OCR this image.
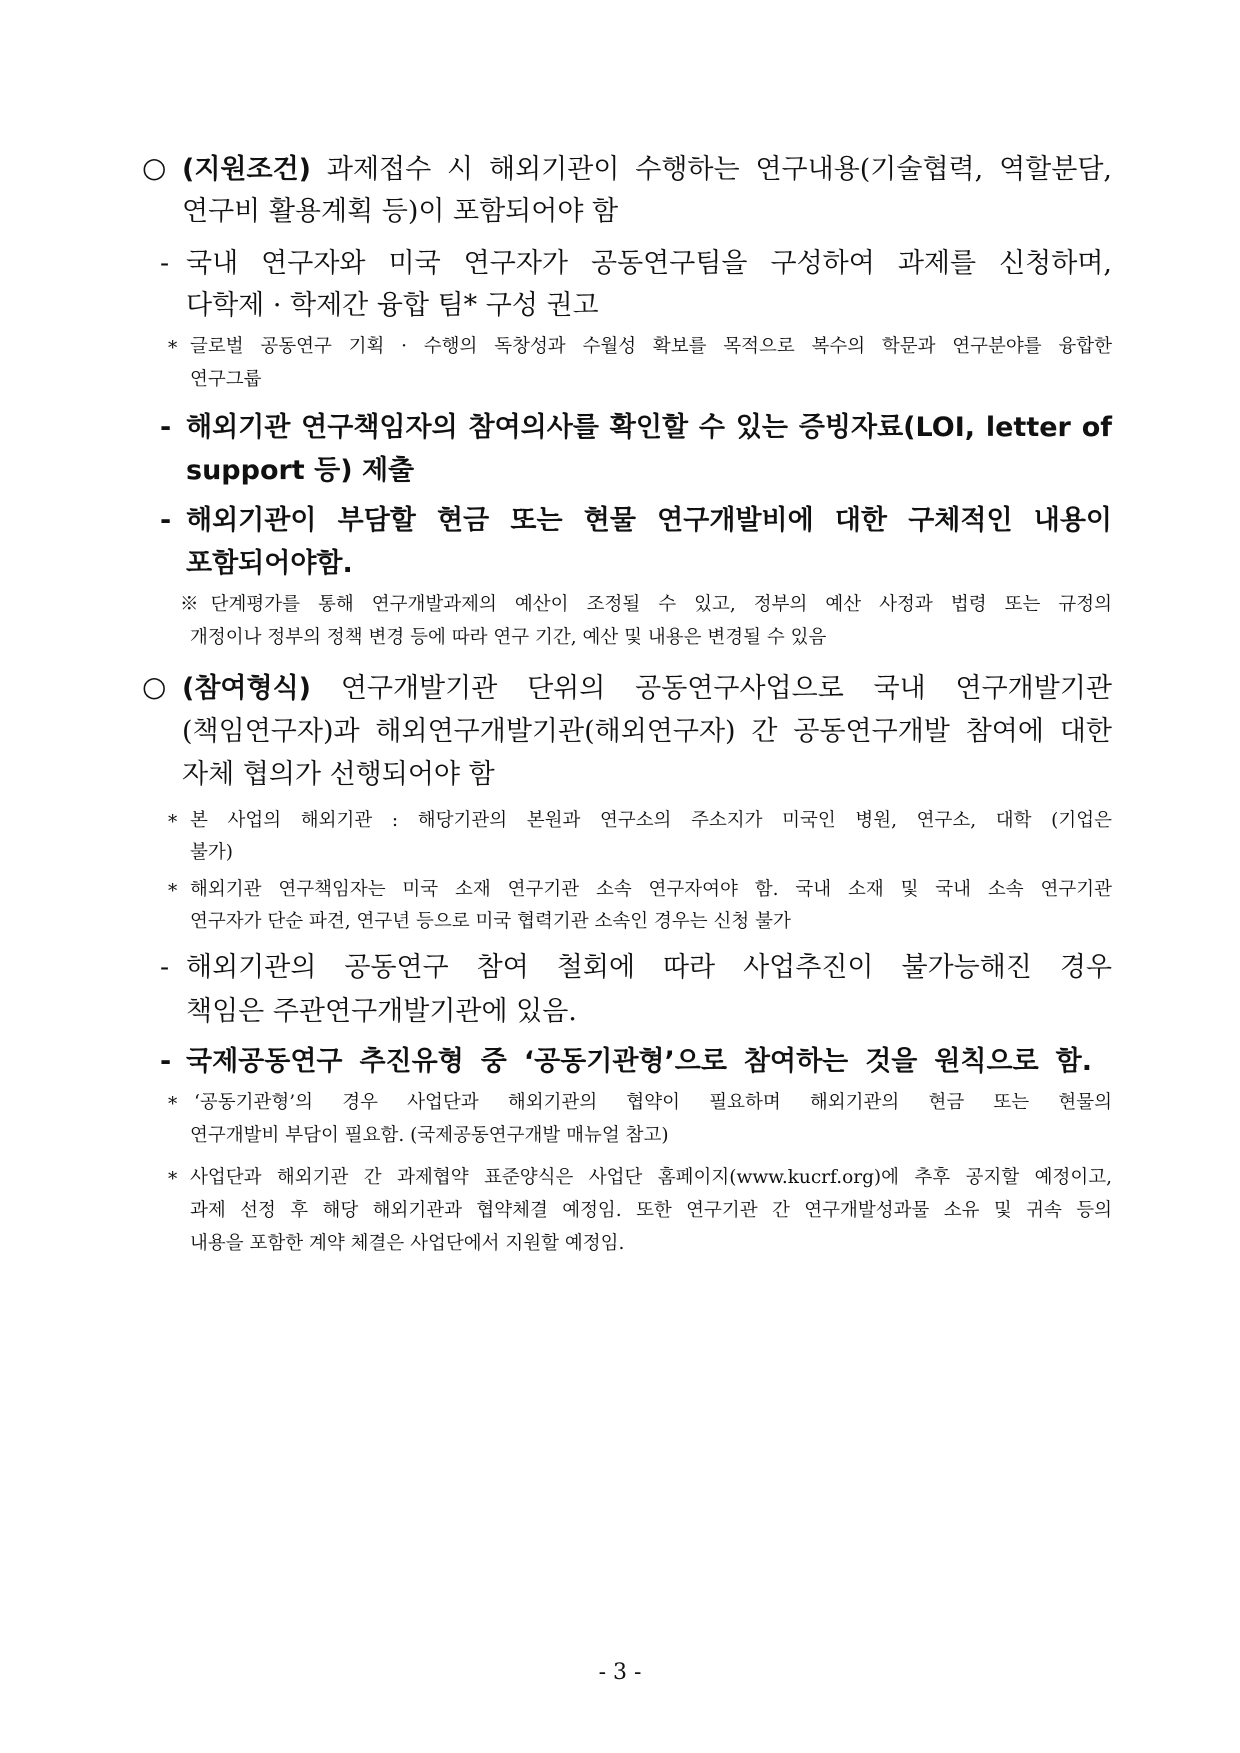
○ (지원조건) 과제접수 시 해외기관이 수행하는 연구내용(기술협력, 역할분담,
연구비 활용계획 등)이 포함되어야 함
- 국내 연구자와 미국 연구자가 공동연구팀을 구성하여 과제를 신청하며,
다학제 · 학제간 융합 팀* 구성 권고
* 글로벌 공동연구 기획 · 수행의 독창성과 수월성 확보를 목적으로 복수의 학문과 연구분야를 융합한
연구그룹
- 해외기관 연구책임자의 참여의사를 확인할 수 있는 증빙자료(LOI, letter of
support 등) 제출
- 해외기관이 부담할 현금 또는 현물 연구개발비에 대한 구체적인 내용이
포함되어야함.
※단계평가를 통해 연구개발과제의 예산이 조정될 수 있고, 정부의 예산 사정과 법령 또는 규정의
개정이나 정부의 정책 변경 등에 따라 연구 기간, 예산 및 내용은 변경될 수 있음
○ (참여형식) 연구개발기관 단위의 공동연구사업으로 국내 연구개발기관
(책임연구자)과 해외연구개발기관(해외연구자) 간 공동연구개발 참여에 대한
자체 협의가 선행되어야 함
* 본 사업의 해외기관 : 해당기관의 본원과 연구소의 주소지가 미국인 병원, 연구소, 대학 (기업은
불가)
* 해외기관 연구책임자는 미국 소재 연구기관 소속 연구자여야 함. 국내 소재 및 국내 소속 연구기관
연구자가 단순 파견, 연구년 등으로 미국 협력기관 소속인 경우는 신청 불가
- 해외기관의 공동연구 참여 철회에 따라 사업추진이 불가능해진 경우
책임은 주관연구개발기관에 있음.
- 국제공동연구 추진유형 중 ‘공동기관형’으로 참여하는 것을 원칙으로 함.
* ‘공동기관형’의 경우 사업단과 해외기관의 협약이 필요하며 해외기관의 현금 또는 현물의
연구개발비 부담이 필요함. (국제공동연구개발 매뉴얼 참고)
* 사업단과 해외기관 간 과제협약 표준양식은 사업단 홈페이지(www.kucrf.org)에 추후 공지할 예정이고,
과제 선정 후 해당 해외기관과 협약체결 예정임. 또한 연구기관 간 연구개발성과물 소유 및 귀속 등의
내용을 포함한 계약 체결은 사업단에서 지원할 예정임.
- 3 -
